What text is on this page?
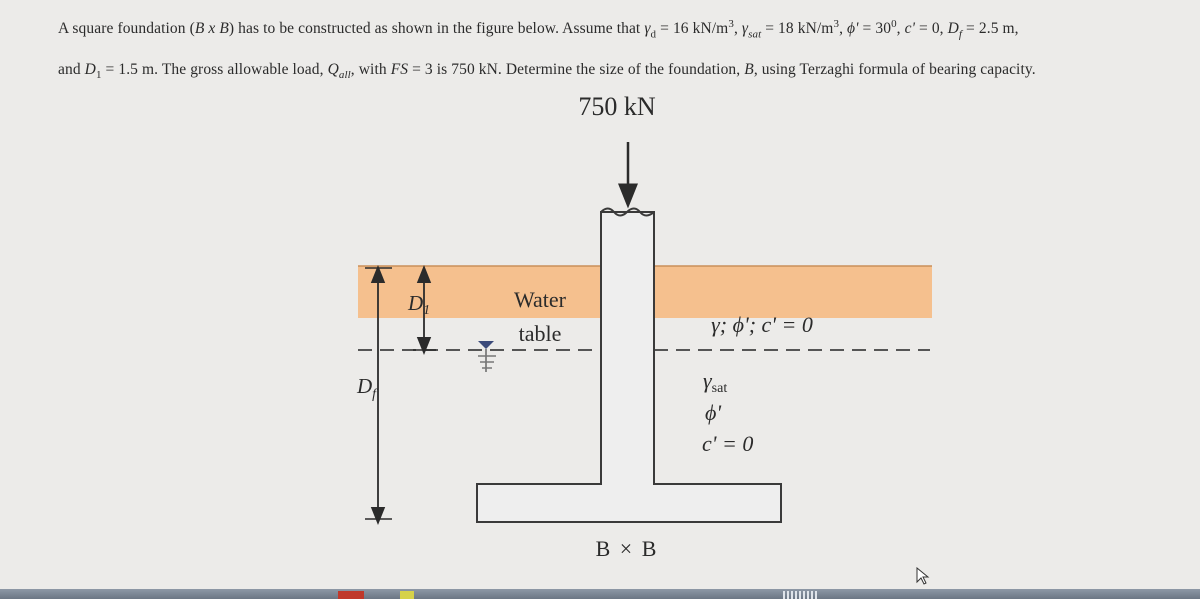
A square foundation (B x B) has to be constructed as shown in the figure below. Assume that $\gamma_d = 16$ $kN/m^3$, $\gamma_{sat} = 18$ $kN/m^3$, $\phi' = 30^0$, c' = 0, $D_f = 2.5$ m,
and $D_1 = 1.5$ m. The gross allowable load, $Q_{all}$, with FS = 3 is 750 kN. Determine the size of the foundation, B, using Terzaghi formula of bearing capacity.
750 kN
Water
table
D1
$D_f$
γ; ϕ'; c' = 0
γsat
ϕ'
c' = 0
B × B
